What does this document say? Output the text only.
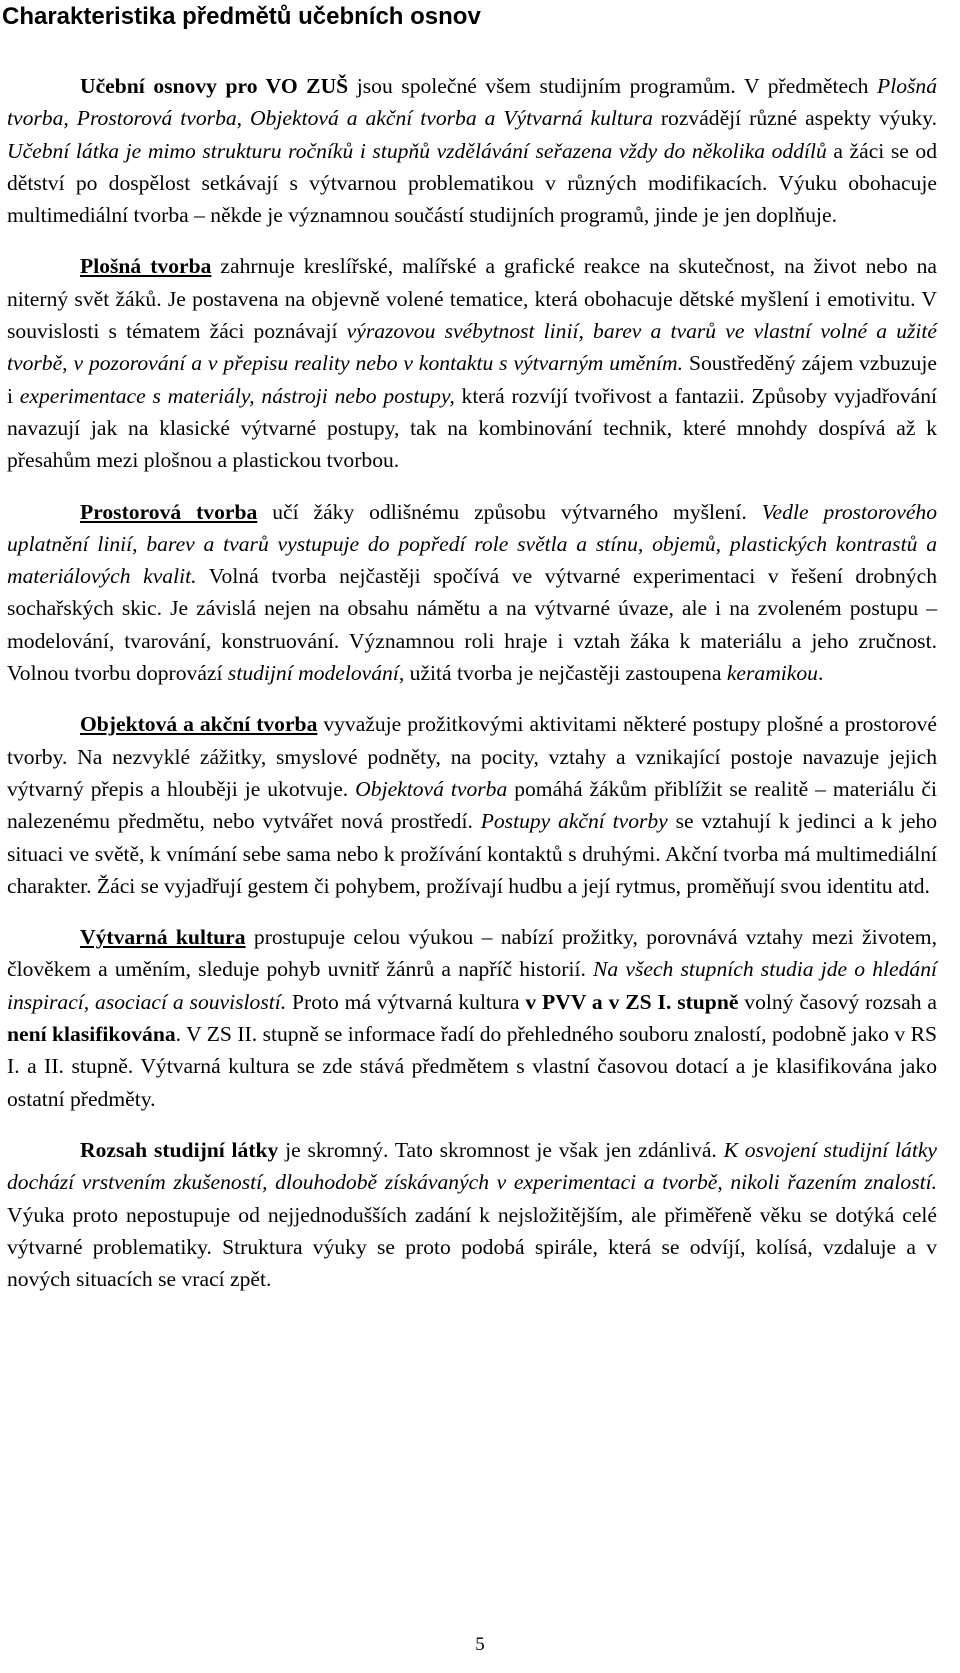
Charakteristika předmětů učebních osnov

Učební osnovy pro VO ZUŠ jsou společné všem studijním programům. V předmětech Plošná tvorba, Prostorová tvorba, Objektová a akční tvorba a Výtvarná kultura rozvádějí různé aspekty výuky. Učební látka je mimo strukturu ročníků i stupňů vzdělávání seřazena vždy do několika oddílů a žáci se od dětství po dospělost setkávají s výtvarnou problematikou v různých modifikacích. Výuku obohacuje multimediální tvorba – někde je významnou součástí studijních programů, jinde je jen doplňuje.

Plošná tvorba zahrnuje kreslířské, malířské a grafické reakce na skutečnost, na život nebo na niterný svět žáků. Je postavena na objevně volené tematice, která obohacuje dětské myšlení i emotivitu. V souvislosti s tématem žáci poznávají výrazovou svébytnost linií, barev a tvarů ve vlastní volné a užité tvorbě, v pozorování a v přepisu reality nebo v kontaktu s výtvarným uměním. Soustředěný zájem vzbuzuje i experimentace s materiály, nástroji nebo postupy, která rozvíjí tvořivost a fantazii. Způsoby vyjadřování navazují jak na klasické výtvarné postupy, tak na kombinování technik, které mnohdy dospívá až k přesahům mezi plošnou a plastickou tvorbou.

Prostorová tvorba učí žáky odlišnému způsobu výtvarného myšlení. Vedle prostorového uplatnění linií, barev a tvarů vystupuje do popředí role světla a stínu, objemů, plastických kontrastů a materiálových kvalit. Volná tvorba nejčastěji spočívá ve výtvarné experimentaci v řešení drobných sochařských skic. Je závislá nejen na obsahu námětu a na výtvarné úvaze, ale i na zvoleném postupu – modelování, tvarování, konstruování. Významnou roli hraje i vztah žáka k materiálu a jeho zručnost. Volnou tvorbu doprovází studijní modelování, užitá tvorba je nejčastěji zastoupena keramikou.

Objektová a akční tvorba vyvažuje prožitkovými aktivitami některé postupy plošné a prostorové tvorby. Na nezvyklé zážitky, smyslové podněty, na pocity, vztahy a vznikající postoje navazuje jejich výtvarný přepis a hlouběji je ukotvuje. Objektová tvorba pomáhá žákům přiblížit se realitě – materiálu či nalezenému předmětu, nebo vytvářet nová prostředí. Postupy akční tvorby se vztahují k jedinci a k jeho situaci ve světě, k vnímání sebe sama nebo k prožívání kontaktů s druhými. Akční tvorba má multimediální charakter. Žáci se vyjadřují gestem či pohybem, prožívají hudbu a její rytmus, proměňují svou identitu atd.

Výtvarná kultura prostupuje celou výukou – nabízí prožitky, porovnává vztahy mezi životem, člověkem a uměním, sleduje pohyb uvnitř žánrů a napříč historií. Na všech stupních studia jde o hledání inspirací, asociací a souvislostí. Proto má výtvarná kultura v PVV a v ZS I. stupně volný časový rozsah a není klasifikována. V ZS II. stupně se informace řadí do přehledného souboru znalostí, podobně jako v RS I. a II. stupně. Výtvarná kultura se zde stává předmětem s vlastní časovou dotací a je klasifikována jako ostatní předměty.

Rozsah studijní látky je skromný. Tato skromnost je však jen zdánlivá. K osvojení studijní látky dochází vrstvením zkušeností, dlouhodobě získávaných v experimentaci a tvorbě, nikoli řazením znalostí. Výuka proto nepostupuje od nejjednodušších zadání k nejsložitějším, ale přiměřeně věku se dotýká celé výtvarné problematiky. Struktura výuky se proto podobá spirále, která se odvíjí, kolísá, vzdaluje a v nových situacích se vrací zpět.

5
